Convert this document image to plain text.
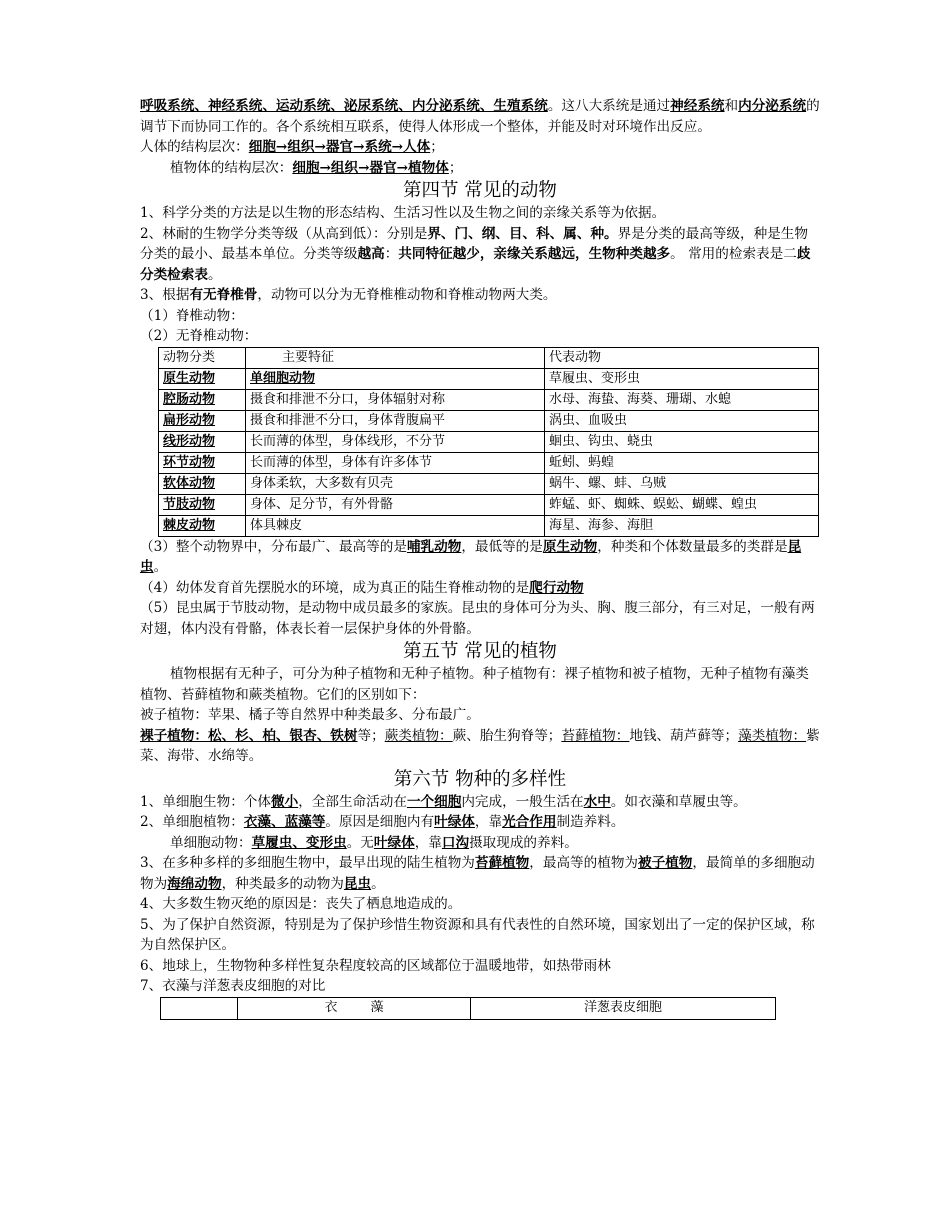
呼吸系统、神经系统、运动系统、泌尿系统、内分泌系统、生殖系统。这八大系统是通过神经系统和内分泌系统的调节下而协同工作的。各个系统相互联系，使得人体形成一个整体，并能及时对环境作出反应。

人体的结构层次：细胞→组织→器官→系统→人体；

植物体的结构层次：细胞→组织→器官→植物体；

第四节 常见的动物

1、科学分类的方法是以生物的形态结构、生活习性以及生物之间的亲缘关系等为依据。

2、林耐的生物学分类等级（从高到低）：分别是界、门、纲、目、科、属、种。界是分类的最高等级，种是生物分类的最小、最基本单位。分类等级越高：共同特征越少，亲缘关系越远，生物种类越多。 常用的检索表是二歧分类检索表。

3、根据有无脊椎骨，动物可以分为无脊椎椎动物和脊椎动物两大类。

（1）脊椎动物：

（2）无脊椎动物：

动物分类	主要特征	代表动物
原生动物	单细胞动物	草履虫、变形虫
腔肠动物	摄食和排泄不分口，身体辐射对称	水母、海蛰、海葵、珊瑚、水螅
扁形动物	摄食和排泄不分口，身体背腹扁平	涡虫、血吸虫
线形动物	长而薄的体型，身体线形，不分节	蛔虫、钩虫、蛲虫
环节动物	长而薄的体型，身体有许多体节	蚯蚓、蚂蝗
软体动物	身体柔软，大多数有贝壳	蜗牛、螺、蚌、乌贼
节肢动物	身体、足分节，有外骨骼	蚱蜢、虾、蜘蛛、蜈蚣、蝴蝶、蝗虫
棘皮动物	体具棘皮	海星、海参、海胆

（3）整个动物界中，分布最广、最高等的是哺乳动物，最低等的是原生动物，种类和个体数量最多的类群是昆虫。

（4）幼体发育首先摆脱水的环境，成为真正的陆生脊椎动物的是爬行动物

（5）昆虫属于节肢动物，是动物中成员最多的家族。昆虫的身体可分为头、胸、腹三部分，有三对足，一般有两对翅，体内没有骨骼，体表长着一层保护身体的外骨骼。

第五节 常见的植物

植物根据有无种子，可分为种子植物和无种子植物。种子植物有：裸子植物和被子植物，无种子植物有藻类植物、苔藓植物和蕨类植物。它们的区别如下：

被子植物：苹果、橘子等自然界中种类最多、分布最广。

裸子植物：松、杉、柏、银杏、铁树等；蕨类植物：蕨、胎生狗脊等；苔藓植物：地钱、葫芦藓等；藻类植物：紫菜、海带、水绵等。

第六节 物种的多样性

1、单细胞生物：个体微小，全部生命活动在一个细胞内完成，一般生活在水中。如衣藻和草履虫等。

2、单细胞植物：衣藻、蓝藻等。原因是细胞内有叶绿体，靠光合作用制造养料。

单细胞动物：草履虫、变形虫。无叶绿体，靠口沟摄取现成的养料。

3、在多种多样的多细胞生物中，最早出现的陆生植物为苔藓植物，最高等的植物为被子植物，最简单的多细胞动物为海绵动物，种类最多的动物为昆虫。

4、大多数生物灭绝的原因是：丧失了栖息地造成的。

5、为了保护自然资源，特别是为了保护珍惜生物资源和具有代表性的自然环境，国家划出了一定的保护区域，称为自然保护区。

6、地球上，生物物种多样性复杂程度较高的区域都位于温暖地带，如热带雨林

7、衣藻与洋葱表皮细胞的对比

	衣        藻	洋葱表皮细胞
